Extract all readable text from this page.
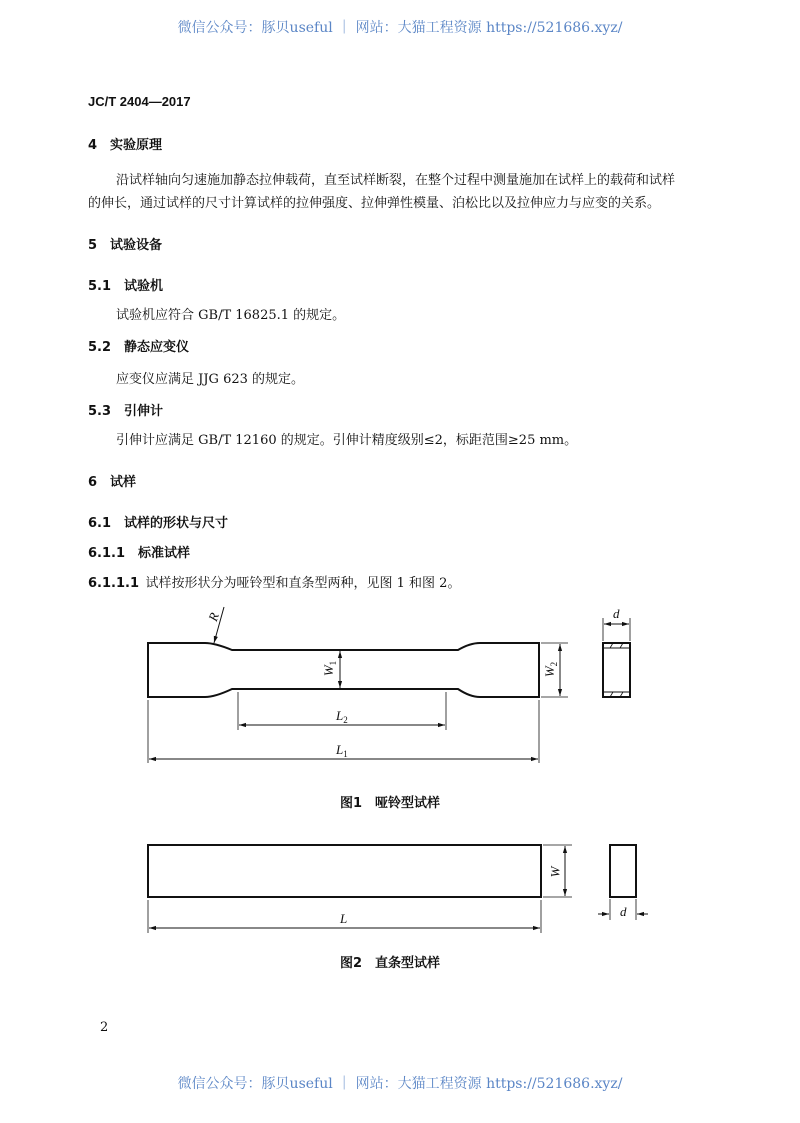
微信公众号：豚贝useful ｜ 网站：大猫工程资源 https://521686.xyz/
JC/T 2404—2017
4  实验原理
沿试样轴向匀速施加静态拉伸载荷，直至试样断裂，在整个过程中测量施加在试样上的载荷和试样
的伸长，通过试样的尺寸计算试样的拉伸强度、拉伸弹性模量、泊松比以及拉伸应力与应变的关系。
5  试验设备
5.1  试验机
试验机应符合 GB/T 16825.1 的规定。
5.2  静态应变仪
应变仪应满足 JJG 623 的规定。
5.3  引伸计
引伸计应满足 GB/T 12160 的规定。引伸计精度级别≤2，标距范围≥25 mm。
6  试样
6.1  试样的形状与尺寸
6.1.1  标准试样
6.1.1.1  试样按形状分为哑铃型和直条型两种，见图 1 和图 2。
R
$W_1$
$W_2$
$L_2$
$L_1$
d
图1　哑铃型试样
W
L	d
图2　直条型试样
2
微信公众号：豚贝useful ｜ 网站：大猫工程资源 https://521686.xyz/
